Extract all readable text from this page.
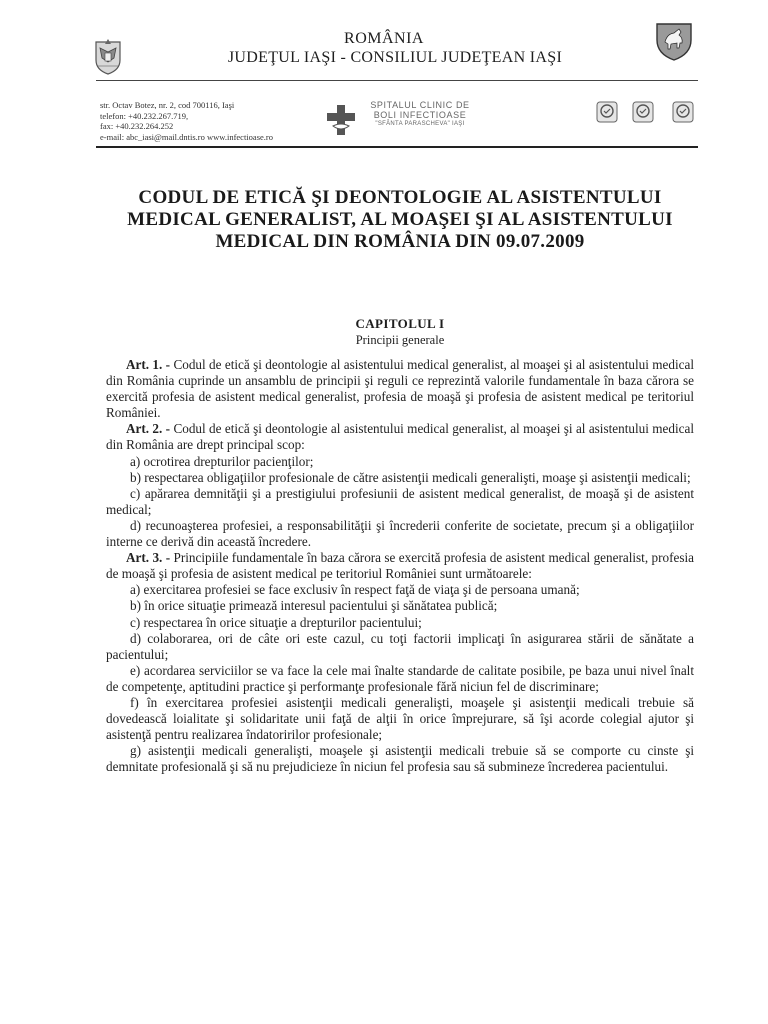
ROMÂNIA
JUDEŢUL IAŞI - CONSILIUL JUDEŢEAN IAŞI
str. Octav Botez, nr. 2, cod 700116, Iaşi
telefon: +40.232.267.719,
fax: +40.232.264.252
e-mail: abc_iasi@mail.dntis.ro www.infectioase.ro
SPITALUL CLINIC DE
BOLI INFECTIOASE
"SFÂNTA PARASCHEVA" IAŞI
CODUL DE ETICĂ ŞI DEONTOLOGIE AL ASISTENTULUI MEDICAL GENERALIST, AL MOAŞEI ŞI AL ASISTENTULUI MEDICAL DIN ROMÂNIA DIN 09.07.2009
CAPITOLUL I
Principii generale

Art. 1. - Codul de etică şi deontologie al asistentului medical generalist, al moaşei şi al asistentului medical din România cuprinde un ansamblu de principii şi reguli ce reprezintă valorile fundamentale în baza cărora se exercită profesia de asistent medical generalist, profesia de moaşă şi profesia de asistent medical pe teritoriul României.

Art. 2. - Codul de etică şi deontologie al asistentului medical generalist, al moaşei şi al asistentului medical din România are drept principal scop:

a) ocrotirea drepturilor pacienţilor;

b) respectarea obligaţiilor profesionale de către asistenţii medicali generalişti, moaşe şi asistenţii medicali;

c) apărarea demnităţii şi a prestigiului profesiunii de asistent medical generalist, de moaşă şi de asistent medical;

d) recunoaşterea profesiei, a responsabilităţii şi încrederii conferite de societate, precum şi a obligaţiilor interne ce derivă din această încredere.

Art. 3. - Principiile fundamentale în baza cărora se exercită profesia de asistent medical generalist, profesia de moaşă şi profesia de asistent medical pe teritoriul României sunt următoarele:

a) exercitarea profesiei se face exclusiv în respect faţă de viaţa şi de persoana umană;

b) în orice situaţie primează interesul pacientului şi sănătatea publică;

c) respectarea în orice situaţie a drepturilor pacientului;

d) colaborarea, ori de câte ori este cazul, cu toţi factorii implicaţi în asigurarea stării de sănătate a pacientului;

e) acordarea serviciilor se va face la cele mai înalte standarde de calitate posibile, pe baza unui nivel înalt de competenţe, aptitudini practice şi performanţe profesionale fără niciun fel de discriminare;

f) în exercitarea profesiei asistenţii medicali generalişti, moaşele şi asistenţii medicali trebuie să dovedească loialitate şi solidaritate unii faţă de alţii în orice împrejurare, să îşi acorde colegial ajutor şi asistenţă pentru realizarea îndatoririlor profesionale;

g) asistenţii medicali generalişti, moaşele şi asistenţii medicali trebuie să se comporte cu cinste şi demnitate profesională şi să nu prejudicieze în niciun fel profesia sau să submineze încrederea pacientului.
